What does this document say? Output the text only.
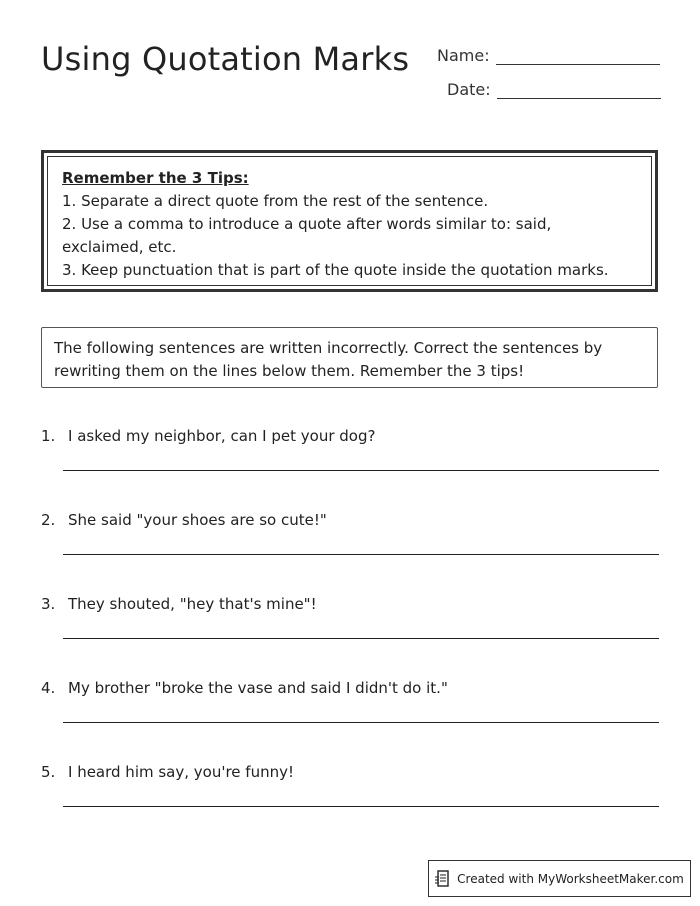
Using Quotation Marks Name:
Date:
Remember the 3 Tips:
1. Separate a direct quote from the rest of the sentence.
2. Use a comma to introduce a quote after words similar to: said, exclaimed, etc.
3. Keep punctuation that is part of the quote inside the quotation marks.
The following sentences are written incorrectly. Correct the sentences by rewriting them on the lines below them. Remember the 3 tips!
1. I asked my neighbor, can I pet your dog?
2. She said "your shoes are so cute!"
3. They shouted, "hey that's mine"!
4. My brother "broke the vase and said I didn't do it."
5. I heard him say, you're funny!
Created with MyWorksheetMaker.com
